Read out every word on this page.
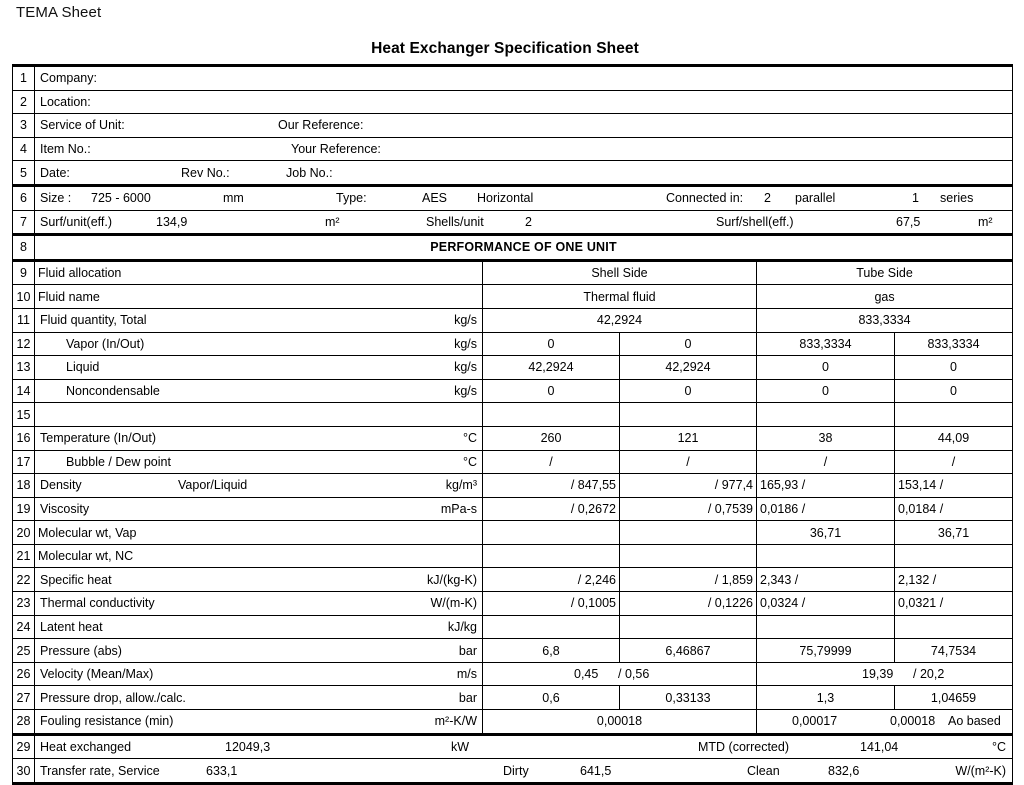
TEMA Sheet
Heat Exchanger Specification Sheet
1	Company:				

2	Location:				

3	Service of Unit: Our Reference:				

4	Item No.: Your Reference:				

5	Date: Rev No.: Job No.:				

6	Size : 725 - 6000	mm	Type:	AES Horizontal	Connected in: 2 parallel	1 series

7	Surf/unit(eff.)	134,9	m²	Shells/unit	2	Surf/shell(eff.)	67,5	m²

8	PERFORMANCE OF ONE UNIT				
9	Fluid allocation	Shell Side		Tube Side	
10	Fluid name	Thermal fluid		gas	
11	Fluid quantity, Total kg/s	42,2924		833,3334	
12	Vapor (In/Out) kg/s	0	0	833,3334	833,3334
13	Liquid kg/s	42,2924	42,2924	0	0
14	Noncondensable kg/s	0	0	0	0
15					
16	Temperature (In/Out) °C	260	121	38	44,09
17	Bubble / Dew point °C	/	/	/	/
18	Density Vapor/Liquid kg/m³	/ 847,55	/ 977,4	165,93 /	153,14 /
19	Viscosity mPa-s	/ 0,2672	/ 0,7539	0,0186 /	0,0184 /
20	Molecular wt, Vap			36,71	36,71
21	Molecular wt, NC				
22	Specific heat kJ/(kg-K)	/ 2,246	/ 1,859	2,343 /	2,132 /
23	Thermal conductivity W/(m-K)	/ 0,1005	/ 0,1226	0,0324 /	0,0321 /
24	Latent heat kJ/kg				

25	Pressure (abs) bar	6,8	6,46867	75,79999	74,7534
26	Velocity (Mean/Max) m/s	0,45 / 0,56		19,39 / 20,2	

27	Pressure drop, allow./calc. bar	0,6	0,33133	1,3	1,04659
28	Fouling resistance (min) m²-K/W	0,00018		0,00017 0,00018 Ao based	

29	Heat exchanged	12049,3	kW	MTD (corrected)	141,04	°C

30	Transfer rate, Service	633,1	Dirty	641,5	Clean	832,6	W/(m²-K)
